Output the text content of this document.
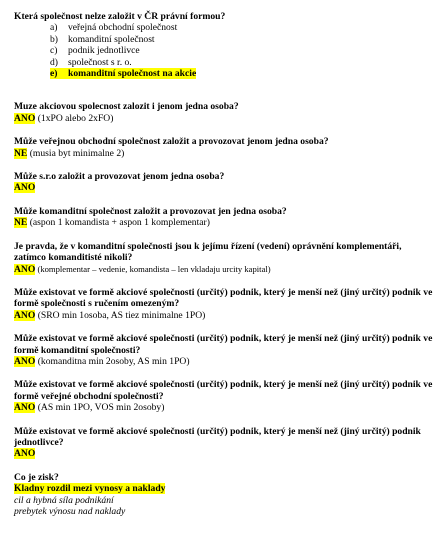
Která společnost nelze založit v ČR právní formou?
a)	veřejná obchodní společnost
b)	komanditní společnost
c)	podnik jednotlivce
d)	společnost s r. o.
e)	komanditní společnost na akcie
Muze akciovou spolecnost zalozit i jenom jedna osoba?
ANO (1xPO alebo 2xFO)
Může veřejnou obchodní společnost založit a provozovat jenom jedna osoba?
NE (musia byt minimalne 2)
Může s.r.o založit a provozovat jenom jedna osoba?
ANO
Může komanditní společnost založit a provozovat jen jedna osoba?
NE (aspon 1 komandista + aspon 1 komplementar)
Je pravda, že v komanditní společnosti jsou k jejímu řízení (vedení) oprávnění komplementáři, zatímco komanditisté nikoli?
ANO (komplementar – vedenie, komandista – len vkladaju urcity kapital)
Může existovat ve formě akciové společnosti (určitý) podnik, který je menší než (jiný určitý) podnik ve formě společnosti s ručením omezeným?
ANO (SRO min 1osoba, AS tiez minimalne 1PO)
Může existovat ve formě akciové společnosti (určitý) podnik, který je menší než (jiný určitý) podnik ve formě komanditní společnosti?
ANO (komanditna min 2osoby, AS min 1PO)
Může existovat ve formě akciové společnosti (určitý) podnik, který je menší než (jiný určitý) podnik ve formě veřejné obchodní společnosti?
ANO (AS min 1PO, VOS min 2osoby)
Může existovat ve formě akciové společnosti (určitý) podnik, který je menší než (jiný určitý) podnik jednotlivce?
ANO
Co je zisk?
Kladny rozdil mezi vynosy a naklady
cil a hybná síla podnikání
prebytek výnosu nad naklady
